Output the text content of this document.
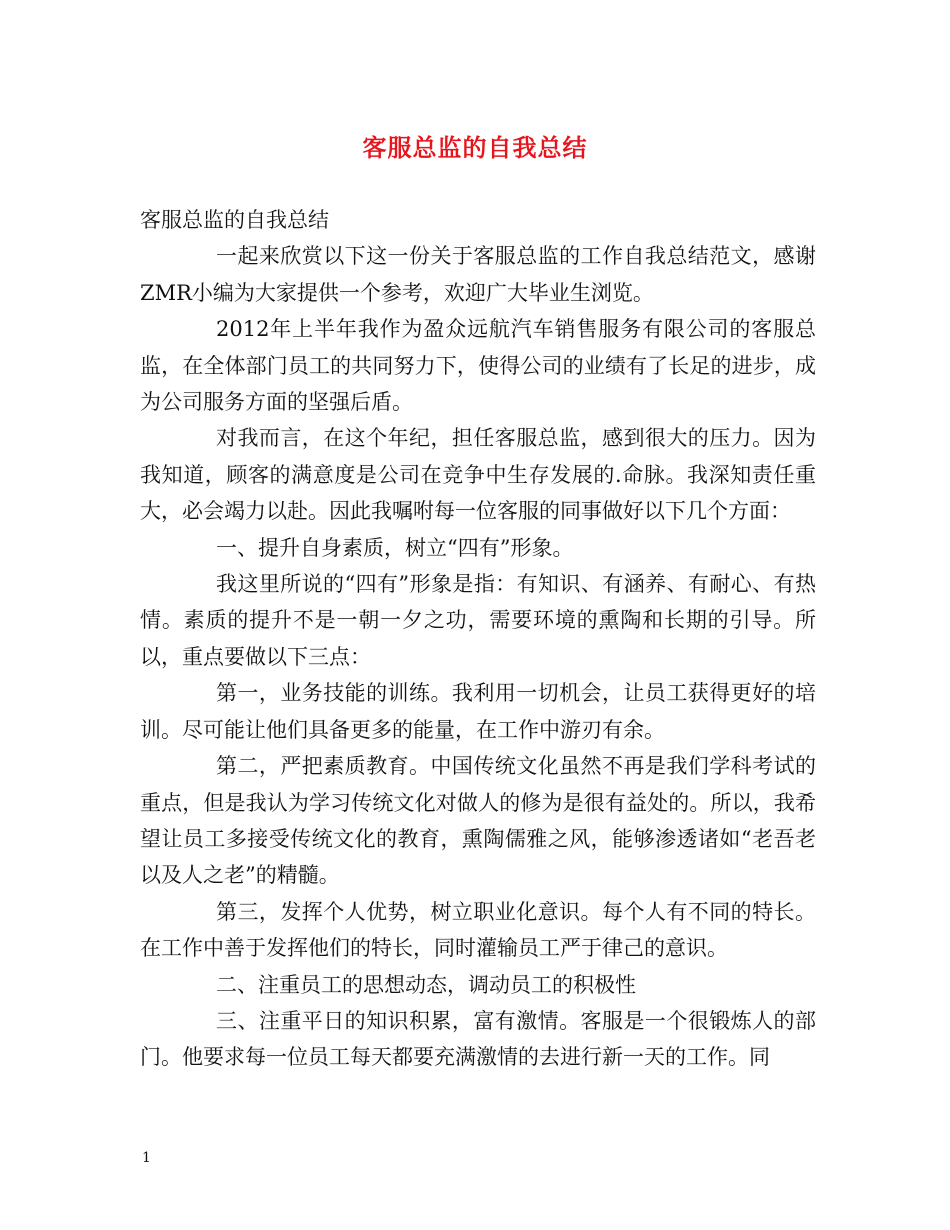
客服总监的自我总结

客服总监的自我总结

一起来欣赏以下这一份关于客服总监的工作自我总结范文，感谢ZMR小编为大家提供一个参考，欢迎广大毕业生浏览。

2012年上半年我作为盈众远航汽车销售服务有限公司的客服总监，在全体部门员工的共同努力下，使得公司的业绩有了长足的进步，成为公司服务方面的坚强后盾。

对我而言，在这个年纪，担任客服总监，感到很大的压力。因为我知道，顾客的满意度是公司在竞争中生存发展的.命脉。我深知责任重大，必会竭力以赴。因此我嘱咐每一位客服的同事做好以下几个方面：

一、提升自身素质，树立“四有”形象。

我这里所说的“四有”形象是指：有知识、有涵养、有耐心、有热情。素质的提升不是一朝一夕之功，需要环境的熏陶和长期的引导。所以，重点要做以下三点：

第一，业务技能的训练。我利用一切机会，让员工获得更好的培训。尽可能让他们具备更多的能量，在工作中游刃有余。

第二，严把素质教育。中国传统文化虽然不再是我们学科考试的重点，但是我认为学习传统文化对做人的修为是很有益处的。所以，我希望让员工多接受传统文化的教育，熏陶儒雅之风，能够渗透诸如“老吾老以及人之老”的精髓。

第三，发挥个人优势，树立职业化意识。每个人有不同的特长。在工作中善于发挥他们的特长，同时灌输员工严于律己的意识。

二、注重员工的思想动态，调动员工的积极性

三、注重平日的知识积累，富有激情。客服是一个很锻炼人的部门。他要求每一位员工每天都要充满激情的去进行新一天的工作。同

1
